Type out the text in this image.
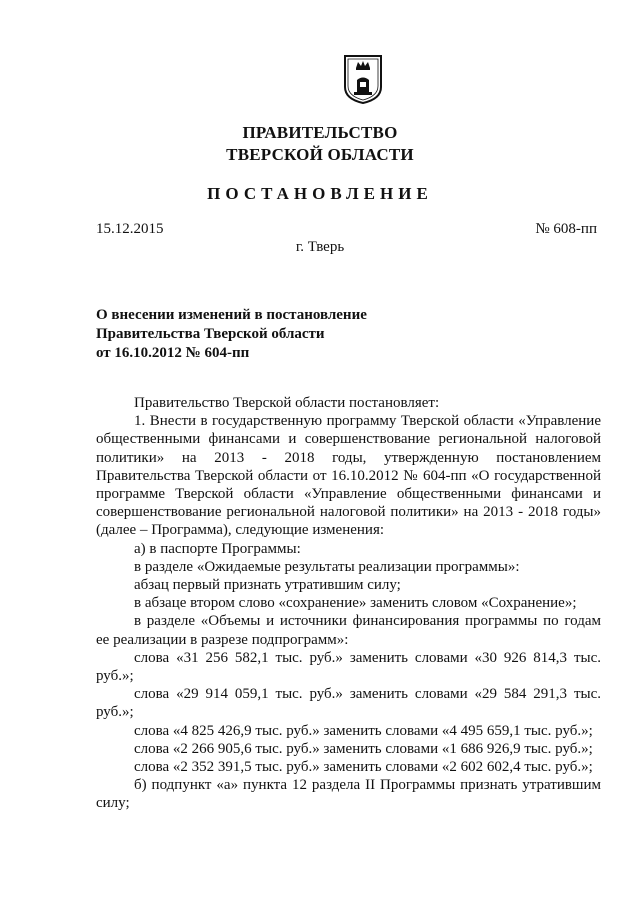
ПРАВИТЕЛЬСТВО
ТВЕРСКОЙ ОБЛАСТИ
ПОСТАНОВЛЕНИЕ
15.12.2015	№ 608-пп
г. Тверь
О внесении изменений в постановление
Правительства Тверской области
от 16.10.2012 № 604-пп

Правительство Тверской области постановляет:

1. Внести в государственную программу Тверской области «Управление общественными финансами и совершенствование региональной налоговой политики» на 2013 - 2018 годы, утвержденную постановлением Правительства Тверской области от 16.10.2012 № 604-пп «О государственной программе Тверской области «Управление общественными финансами и совершенствование региональной налоговой политики» на 2013 - 2018 годы» (далее – Программа), следующие изменения:

а) в паспорте Программы:

в разделе «Ожидаемые результаты реализации программы»:

абзац первый признать утратившим силу;

в абзаце втором слово «сохранение» заменить словом «Сохранение»;

в разделе «Объемы и источники финансирования программы по годам ее реализации в разрезе подпрограмм»:

слова «31 256 582,1 тыс. руб.» заменить словами «30 926 814,3 тыс. руб.»;

слова «29 914 059,1 тыс. руб.» заменить словами «29 584 291,3 тыс. руб.»;

слова «4 825 426,9 тыс. руб.» заменить словами «4 495 659,1 тыс. руб.»;

слова «2 266 905,6 тыс. руб.» заменить словами «1 686 926,9 тыс. руб.»;

слова «2 352 391,5 тыс. руб.» заменить словами «2 602 602,4 тыс. руб.»;

б) подпункт «а» пункта 12 раздела II Программы признать утратившим силу;
